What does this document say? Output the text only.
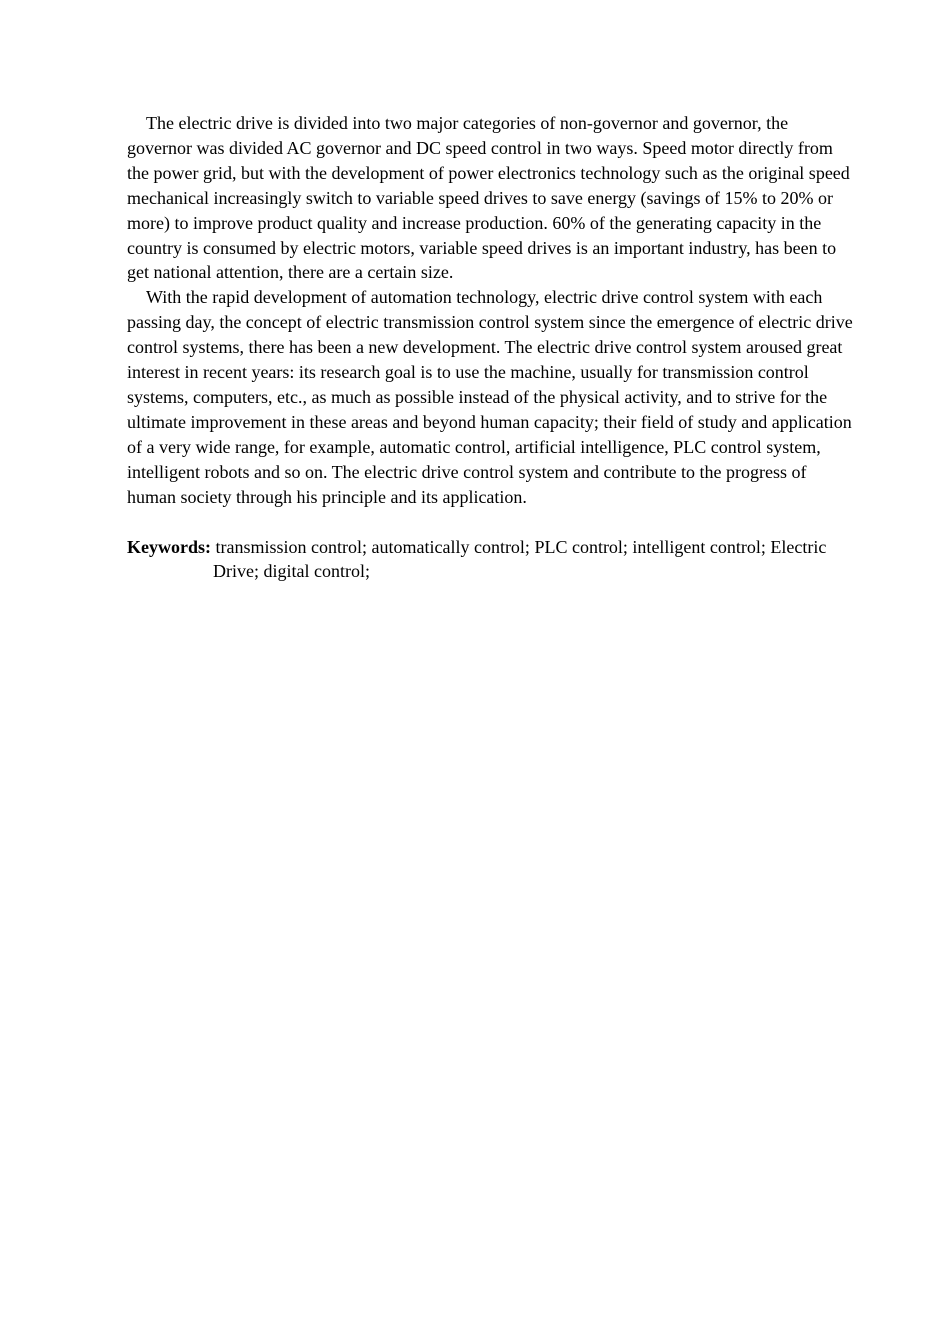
The electric drive is divided into two major categories of non-governor and governor, the governor was divided AC governor and DC speed control in two ways. Speed motor directly from the power grid, but with the development of power electronics technology such as the original speed mechanical increasingly switch to variable speed drives to save energy (savings of 15% to 20% or more) to improve product quality and increase production. 60% of the generating capacity in the country is consumed by electric motors, variable speed drives is an important industry, has been to get national attention, there are a certain size.

With the rapid development of automation technology, electric drive control system with each passing day, the concept of electric transmission control system since the emergence of electric drive control systems, there has been a new development. The electric drive control system aroused great interest in recent years: its research goal is to use the machine, usually for transmission control systems, computers, etc., as much as possible instead of the physical activity, and to strive for the ultimate improvement in these areas and beyond human capacity; their field of study and application of a very wide range, for example, automatic control, artificial intelligence, PLC control system, intelligent robots and so on. The electric drive control system and contribute to the progress of human society through his principle and its application.

Keywords: transmission control; automatically control; PLC control; intelligent control; Electric Drive; digital control;
